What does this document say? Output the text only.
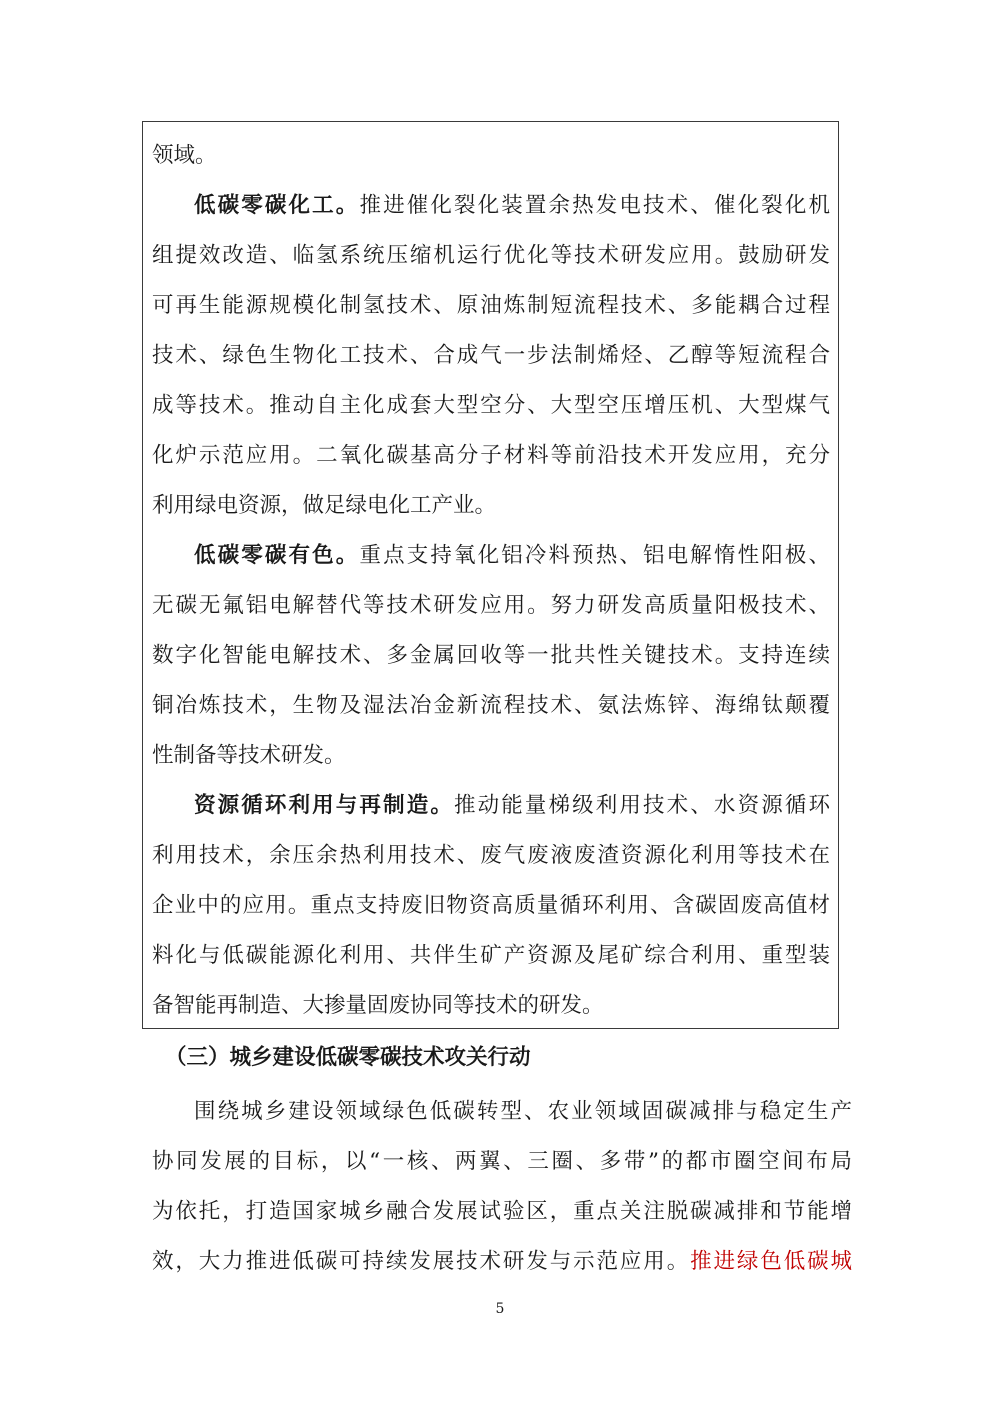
领域。
低碳零碳化工。推进催化裂化装置余热发电技术、催化裂化机
组提效改造、临氢系统压缩机运行优化等技术研发应用。鼓励研发
可再生能源规模化制氢技术、原油炼制短流程技术、多能耦合过程
技术、绿色生物化工技术、合成气一步法制烯烃、乙醇等短流程合
成等技术。推动自主化成套大型空分、大型空压增压机、大型煤气
化炉示范应用。二氧化碳基高分子材料等前沿技术开发应用，充分
利用绿电资源，做足绿电化工产业。
低碳零碳有色。重点支持氧化铝冷料预热、铝电解惰性阳极、
无碳无氟铝电解替代等技术研发应用。努力研发高质量阳极技术、
数字化智能电解技术、多金属回收等一批共性关键技术。支持连续
铜冶炼技术，生物及湿法冶金新流程技术、氨法炼锌、海绵钛颠覆
性制备等技术研发。
资源循环利用与再制造。推动能量梯级利用技术、水资源循环
利用技术，余压余热利用技术、废气废液废渣资源化利用等技术在
企业中的应用。重点支持废旧物资高质量循环利用、含碳固废高值材
料化与低碳能源化利用、共伴生矿产资源及尾矿综合利用、重型装
备智能再制造、大掺量固废协同等技术的研发。
（三）城乡建设低碳零碳技术攻关行动
围绕城乡建设领域绿色低碳转型、农业领域固碳减排与稳定生产
协同发展的目标，以“一核、两翼、三圈、多带”的都市圈空间布局
为依托，打造国家城乡融合发展试验区，重点关注脱碳减排和节能增
效，大力推进低碳可持续发展技术研发与示范应用。推进绿色低碳城
5
